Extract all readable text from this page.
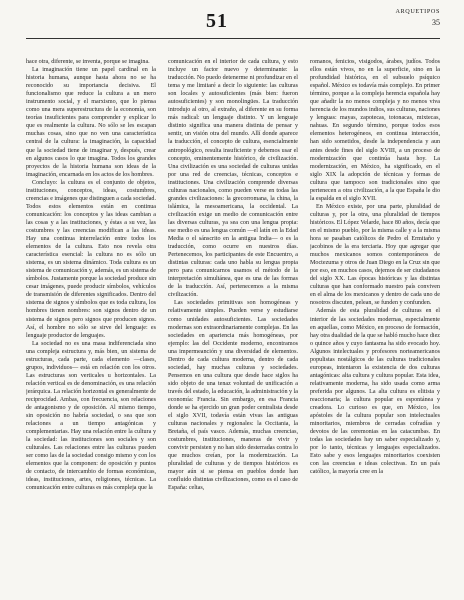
51	ARQUETIPOS
35

hace otra, diferente, se inventa, porque se imagina.

La imaginación tiene un papel cardinal en la historia humana, aunque hasta ahora no se ha reconocido su importancia decisiva. El funcionalismo que reduce la cultura a un mero instrumento social, y el marxismo, que lo piensa como una mera superestructura de la economía, son teorías insuficientes para comprender y explicar lo que es realmente la cultura. No sólo se les escapan muchas cosas, sino que no ven una característica central de la cultura: la imaginación, la capacidad que la sociedad tiene de imaginar y, después, crear en algunos casos lo que imagina. Todos los grandes proyectos de la historia humana son ideas de la imaginación, encarnada en los actos de los hombres.

Concluyo: la cultura es el conjunto de objetos, instituciones, conceptos, ideas, costumbres, creencias e imágenes que distinguen a cada sociedad. Todos estos elementos están en continua comunicación: los conceptos y las ideas cambian a las cosas y a las instituciones, y éstas a su vez, las costumbres y las creencias modifican a las ideas. Hay una continua interrelación entre todos los elementos de la cultura. Esto nos revela otra característica esencial: la cultura no es sólo un sistema, es un sistema dinámico. Toda cultura es un sistema de comunicación y, además, es un sistema de símbolos. Justamente porque la sociedad produce sin cesar imágenes, puede producir símbolos, vehículos de transmisión de diferentes significados. Dentro del sistema de signos y símbolos que es toda cultura, los hombres tienen nombres: son signos dentro de un sistema de signos pero signos que producen signos. Así, el hombre no sólo se sirve del lenguaje: es lenguaje productor de lenguajes.

La sociedad no es una masa indiferenciada sino una compleja estructura y, más bien, un sistema de estructuras, cada parte, cada elemento —clases, grupos, individuos— está en relación con los otros. Las estructuras son verticales u horizontales. La relación vertical es de denominación, es una relación jerárquica. La relación horizontal es generalmente de reciprocidad. Ambas, con frecuencia, son relaciones de antagonismo y de oposición. Al mismo tiempo, sin oposición no habría sociedad, o sea que son relaciones a un tiempo antagónicas y complementarias. Hay una relación entre la cultura y la sociedad: las instituciones son sociales y son culturales. Las relaciones entre las culturas pueden ser como las de la sociedad consigo mismo y con los elementos que la componen: de oposición y puntos de contacto, de intercambio de formas económicas, ideas, instituciones, artes, religiones, técnicas. La comunicación entre culturas es más compleja que la

comunicación en el interior de cada cultura, y esto incluye un factor nuevo y determinante: la traducción. No puedo detenerme ni profundizar en el tema y me limitaré a decir lo siguiente: las culturas son locales y autosuficientes (más bien: fueron autosuficientes) y son monolingües. La traducción introdujo al otro, al extraño, al diferente en su forma más radical: un lenguaje distinto. Y un lenguaje distinto significa una manera distinta de pensar y sentir, un visión otra del mundo. Allí donde aparece la traducción, el concepto de cultura, esencialmente antropológico, resulta insuficiente y debemos usar el concepto, eminentemente histórico, de civilización. Una civilización es una sociedad de culturas unidas por una red de creencias, técnicas, conceptos e instituciones. Una civilización comprende diversas culturas nacionales, como pueden verse en todas las grandes civilizaciones: la grecorromana, la china, la islámica, la mesoamericana, la occidental. La civilización exige un medio de comunicación entre las diversas culturas, ya sea con una lengua propia: ese medio es una lengua común —el latín en la Edad Media o el sánscrito en la antigua India— o es la traducción, como ocurre en nuestros días. Pertenecemos, los participantes de este Encuentro, a distintas culturas: cada uno habla su lengua propia pero para comunicarnos usamos el método de la interpretación simultánea, que es una de las formas de la traducción. Así, pertenecemos a la misma civilización.

Las sociedades primitivas son homogéneas y relativamente simples. Pueden verse y estudiarse como unidades autosuficientes. Las sociedades modernas son extraordinariamente complejas. En las sociedades en apariencia más homogéneas, por ejemplo: las del Occidente moderno, encontramos una impermeanción y una diversidad de elementos. Dentro de cada cultura moderna, dentro de cada sociedad, hay muchas culturas y sociedades. Pensemos en una cultura que desde hace siglos ha sido objeto de una tenaz voluntad de unificación a través del estado, la educación, la administración y la economía: Francia. Sin embargo, en esa Francia donde se ha ejercido un gran poder centralista desde el siglo XVII, todavía están vivas las antiguas culturas nacionales y regionales: la Occitania, la Bretaña, el país vasco. Además, muchas creencias, costumbres, instituciones, maneras de vivir y convivir persisten y no han sido desterradas contra lo que muchos creían, por la modernización. La pluralidad de culturas y de tiempos históricos es mayor aún si se piensa en pueblos donde han confluido distintas civilizaciones, como es el caso de España: celtas,

romanos, fenicios, visigodos, árabes, judíos. Todos ellos están vivos, no en la superficie, sino en la profundidad histórica, en el subsuelo psíquico español. México es todavía más complejo. En primer término, porque a la compleja herencia española hay que añadir la no menos compleja y no menos viva herencia de los mundos indios, sus culturas, naciones y lenguas: mayas, zapotecas, totonacas, mixtecas, nahuas. En segundo término, porque todos esos elementos heterogéneos, en continua interacción, han sido sometidos, desde la independencia y aun antes desde fines del siglo XVIII, a un proceso de modernización que continúa hasta hoy. La modernización, en México, ha significado, en el siglo XIX la adopción de técnicas y formas de cultura que tampoco son tradicionales sino que pertenecen a otra civilización, a la que España le dio la espalda en el siglo XVII.

En México existe, por una parte, pluralidad de culturas y, por la otra, una pluralidad de tiempos históricos. El López Velarde, hace 80 años, decía que en el mismo pueblo, por la misma calle y a la misma hora se pasaban católicos de Pedro el Ermitaño y jacobinos de la era terciaria. Hoy que agregar que muchos mexicanos somos contemporáneos de Moctezuma y otros de Juan Diego en la Cruz sin que por eso, en muchos casos, dejemos de ser ciudadanos del siglo XX. Las épocas históricas y las distintas culturas que han conformado nuestro país conviven en el alma de los mexicanos y dentro de cada uno de nosotros discuten, pelean, se funden y confunden.

Además de esta pluralidad de culturas en el interior de las sociedades modernas, especialmente en aquellas, como México, en proceso de formación, hay otra dualidad de la que se habló mucho hace diez o quince años y cuyo fantasma ha sido evocado hoy. Algunos intelectuales y profesores norteamericanos populistas nostálgicos de las culturas tradicionales europeas, intentaron la existencia de dos culturas antagónicas: alta cultura y cultura popular. Esta idea, relativamente moderna, ha sido usada como arma preferida por algunos. La alta cultura es elitista y reaccionaria; la cultura popular es espontánea y creadora. Lo curioso es que, en México, los apóstoles de la cultura popular son intelectuales minoritarios, miembros de cerradas cofradías y devotos de las ceremonias en las catacumbas. En todas las sociedades hay un saber especializado y, por lo tanto, técnicas y lenguajes especializados. Esto sabe y esos lenguajes minoritarios coexisten con las creencias e ideas colectivas. En un país católico, la mayoría cree en la
